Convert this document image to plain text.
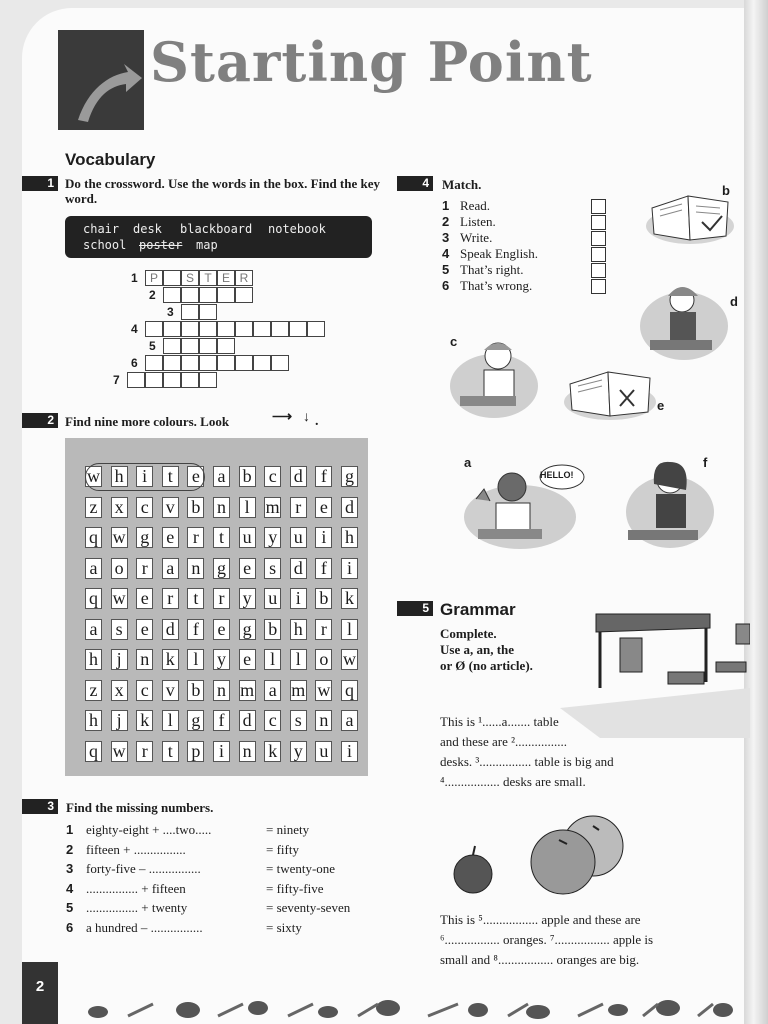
Starting Point
Vocabulary
1 Do the crossword. Use the words in the box. Find the key word.
chair desk blackboard notebook
school poster map
2 Find nine more colours. Look	⟶ ↓ .
w h	i	t	e a b c d	f	g
z x c v b n	l m r	e d
q w g e	r	t	u y u	i	h
a o	r	a n g e s d	f	i
q w e	r	t	r	y u	i	b k
a s e d	f	e g b h	r	l
h	j	n k	l	y e	l	l	o w
z x c v b n m a m w q
h	j	k	l	g	f	d c s n a
q w r	t	p	i	n k y u	i
3 Find the missing numbers.
4	Match.	b
d
c
e
a
HELLO!
f
5 Grammar
Complete.
Use a, an, the
or Ø (no article).
2
1	P	S T E R
2
3
4
5
6
7
1 eighty-eight + ....two.....	= ninety
2 fifteen + ................	= fifty
3 forty-five – ................	= twenty-one
4 ................ + fifteen	= fifty-five
5 ................ + twenty	= seventy-seven
6 a hundred – ................	= sixty
1 Read.
2 Listen.
3 Write.
4 Speak English.
5 That’s right.
6 That’s wrong.
This is ¹......a....... table
and these are ²................
desks. ³................ table is big and
⁴................. desks are small.
This is ⁵................. apple and these are
⁶................. oranges. ⁷................. apple is
small and ⁸................. oranges are big.
